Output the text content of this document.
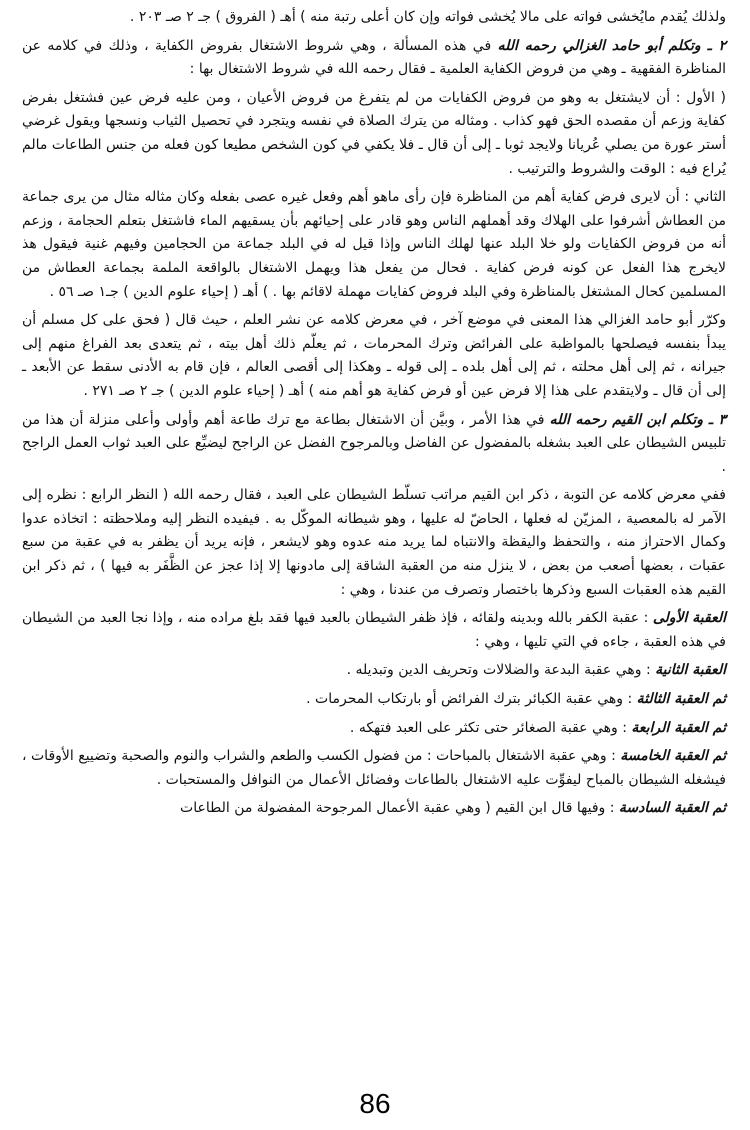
ولذلك يُقدم مايُخشى فواته على مالا يُخشى فواته وإن كان أعلى رتبة منه ) أهـ ( الفروق ) جـ ٢ صـ ٢٠٣ .

٢ ـ وتكلم أبو حامد الغزالي رحمه الله في هذه المسألة ، وهي شروط الاشتغال بفروض الكفاية ، وذلك في كلامه عن المناظرة الفقهية ـ وهي من فروض الكفاية العلمية ـ فقال رحمه الله في شروط الاشتغال بها :

( الأول : أن لايشتغل به وهو من فروض الكفايات من لم يتفرغ من فروض الأعيان ، ومن عليه فرض عين فشتغل بفرض كفاية وزعم أن مقصده الحق فهو كذاب . ومثاله من يترك الصلاة في نفسه ويتجرد في تحصيل الثياب ونسجها ويقول غرضي أستر عورة من يصلي عُريانا ولايجد ثوبا ـ إلى أن قال ـ فلا يكفي في كون الشخص مطيعا كون فعله من جنس الطاعات مالم يُراع فيه : الوقت والشروط والترتيب .

الثاني : أن لايرى فرض كفاية أهم من المناظرة فإن رأى ماهو أهم وفعل غيره عصى بفعله وكان مثاله مثال من يرى جماعة من العطاش أشرفوا على الهلاك وقد أهملهم الناس وهو قادر على إحيائهم بأن يسقيهم الماء فاشتغل بتعلم الحجامة ، وزعم أنه من فروض الكفايات ولو خلا البلد عنها لهلك الناس وإذا قيل له في البلد جماعة من الحجامين وفيهم غنية فيقول هذ لايخرج هذا الفعل عن كونه فرض كفاية . فحال من يفعل هذا ويهمل الاشتغال بالواقعة الملمة بجماعة العطاش من المسلمين كحال المشتغل بالمناظرة وفي البلد فروض كفايات مهملة لاقائم بها . ) أهـ ( إحياء علوم الدين ) جـ١ صـ ٥٦ .

وكرّر أبو حامد الغزالي هذا المعنى في موضع آخر ، في معرض كلامه عن نشر العلم ، حيث قال ( فحق على كل مسلم أن يبدأ بنفسه فيصلحها بالمواظبة على الفرائض وترك المحرمات ، ثم يعلّم ذلك أهل بيته ، ثم يتعدى بعد الفراغ منهم إلى جيرانه ، ثم إلى أهل محلته ، ثم إلى أهل بلده ـ إلى قوله ـ وهكذا إلى أقصى العالم ، فإن قام به الأدنى سقط عن الأبعد ـ إلى أن قال ـ ولايتقدم على هذا إلا فرض عين أو فرض كفاية هو أهم منه ) أهـ ( إحياء علوم الدين ) جـ ٢ صـ ٢٧١ .

٣ ـ وتكلم ابن القيم رحمه الله في هذا الأمر ، وبيَّن أن الاشتغال بطاعة مع ترك طاعة أهم وأولى وأعلى منزلة أن هذا من تلبيس الشيطان على العبد بشغله بالمفضول عن الفاضل وبالمرجوح الفضل عن الراجح ليضيِّع على العبد ثواب العمل الراجح .

ففي معرض كلامه عن التوبة ، ذكر ابن القيم مراتب تسلّط الشيطان على العبد ، فقال رحمه الله ( النظر الرابع : نظره إلى الآمر له بالمعصية ، المزيّن له فعلها ، الحاضّ له عليها ، وهو شيطانه الموكّل به . فيفيده النظر إليه وملاحظته : اتخاذه عدوا وكمال الاحتراز منه ، والتحفظ واليقظة والانتباه لما يريد منه عدوه وهو لايشعر ، فإنه يريد أن يظفر به في عقبة من سبع عقبات ، بعضها أصعب من بعض ، لا ينزل منه من العقبة الشاقة إلى مادونها إلا إذا عجز عن الظَّفَر به فيها ) ، ثم ذكر ابن القيم هذه العقبات السبع وذكرها باختصار وتصرف من عندنا ، وهي :

العقبة الأولى : عقبة الكفر بالله وبدينه ولقائه ، فإذ ظفر الشيطان بالعبد فيها فقد بلغ مراده منه ، وإذا نجا العبد من الشيطان في هذه العقبة ، جاءه في التي تليها ، وهي :

العقبة الثانية : وهي عقبة البدعة والضلالات وتحريف الدين وتبديله .

ثم العقبة الثالثة : وهي عقبة الكبائر بترك الفرائض أو بارتكاب المحرمات .

ثم العقبة الرابعة : وهي عقبة الصغائر حتى تكثر على العبد فتهكه .

ثم العقبة الخامسة : وهي عقبة الاشتغال بالمباحات : من فضول الكسب والطعم والشراب والنوم والصحبة وتضييع الأوقات ، فيشغله الشيطان بالمباح ليفوِّت عليه الاشتغال بالطاعات وفضائل الأعمال من النوافل والمستحبات .

ثم العقبة السادسة : وفيها قال ابن القيم ( وهي عقبة الأعمال المرجوحة المفضولة من الطاعات

86
